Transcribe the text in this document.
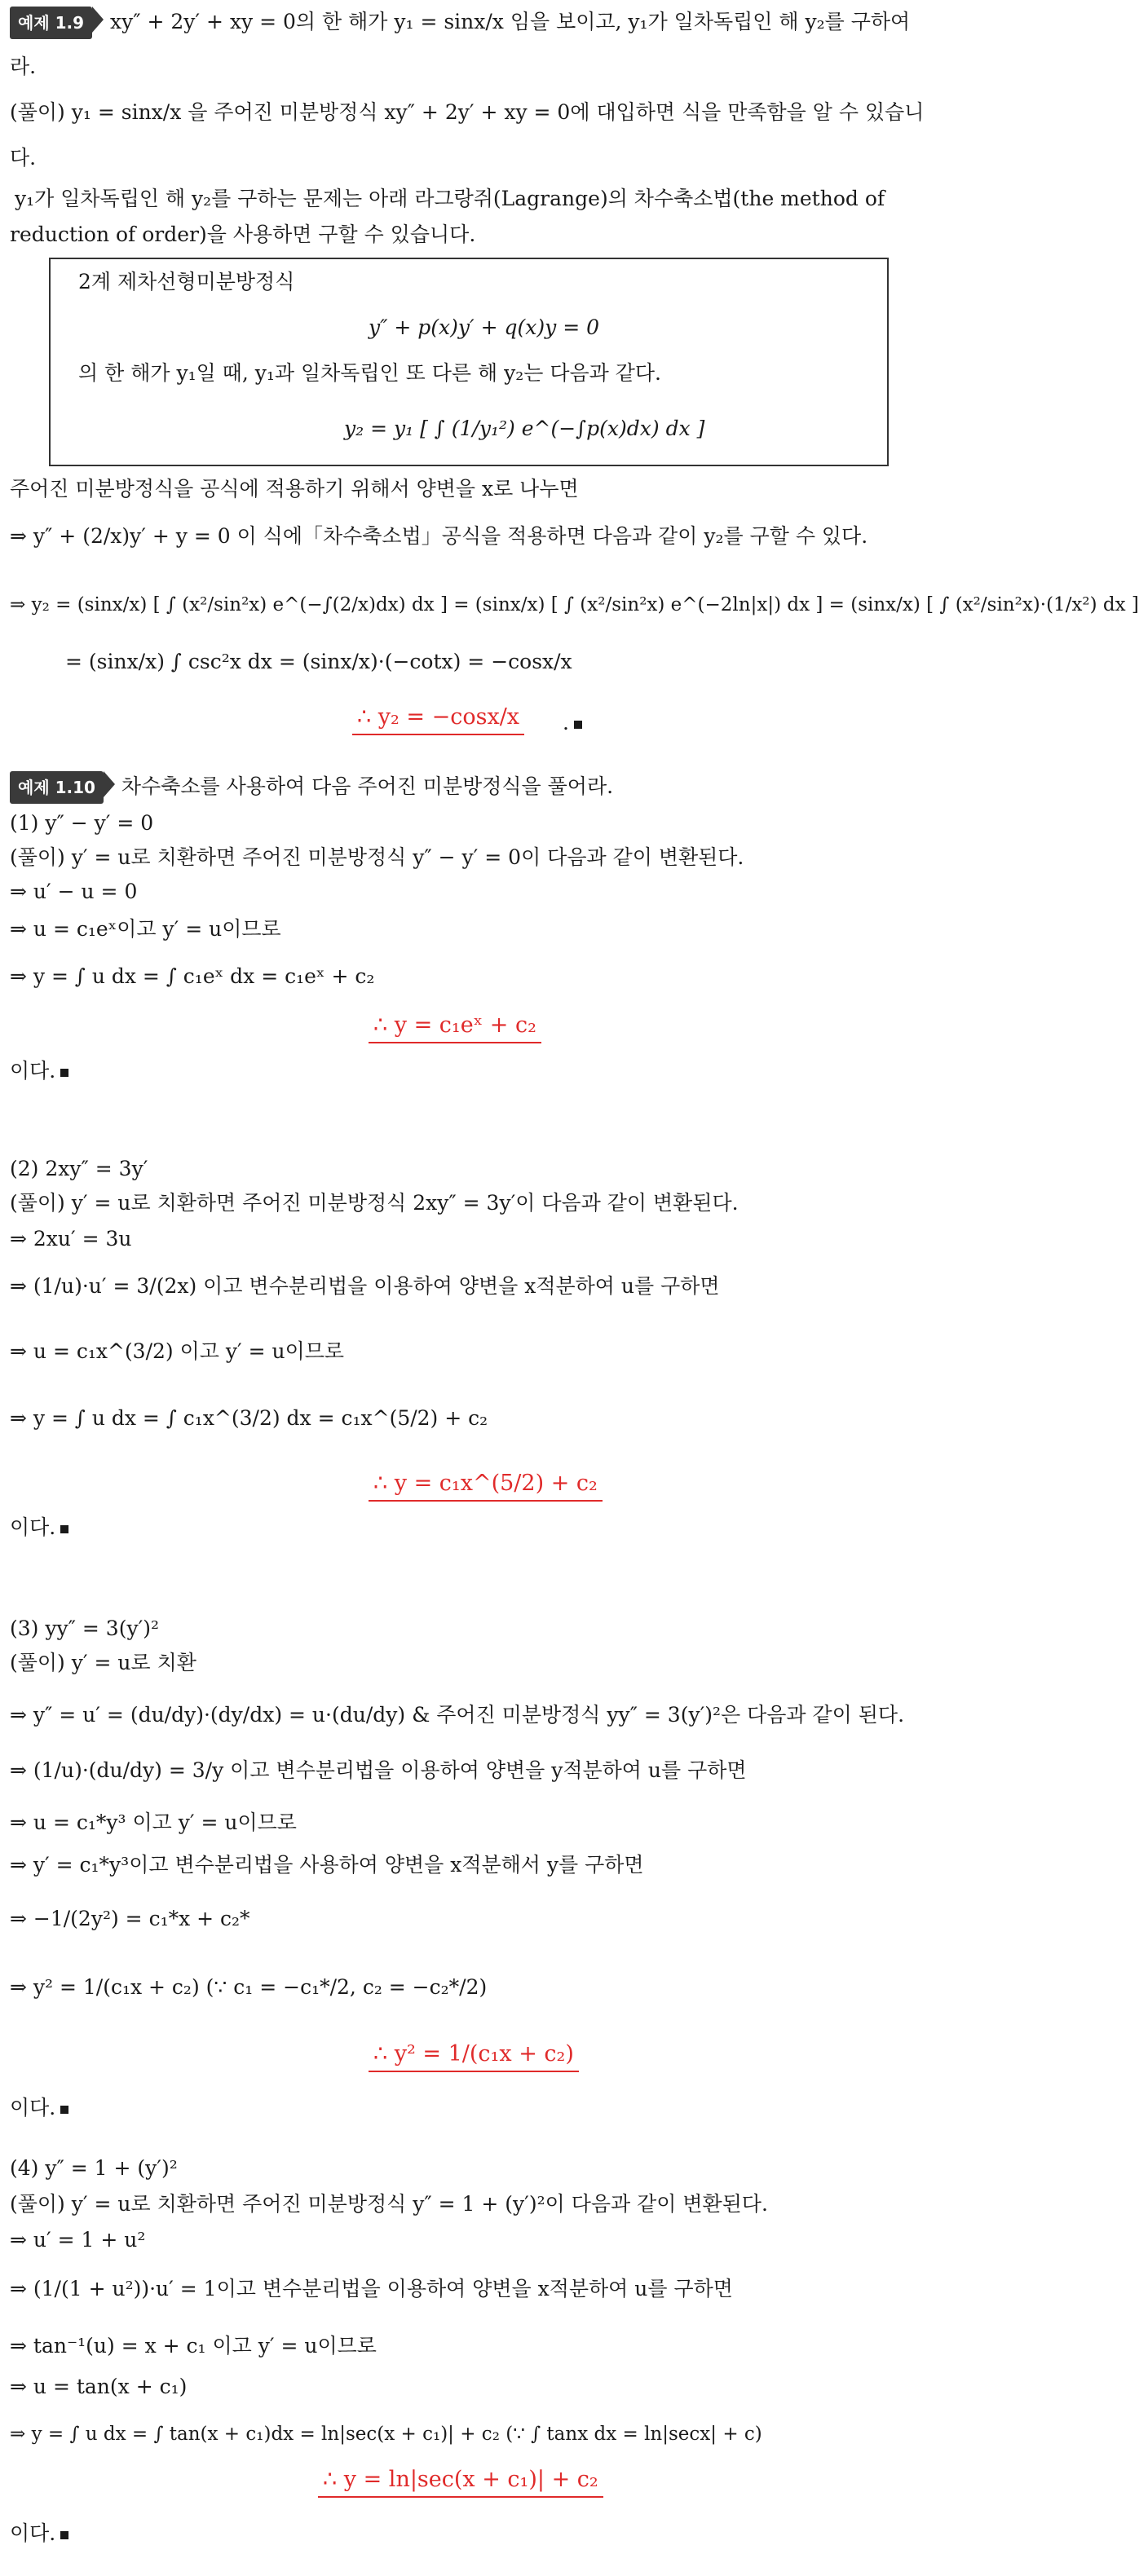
예제 1.9 xy″ + 2y′ + xy = 0의 한 해가 y₁ = sinx/x 임을 보이고, y₁가 일차독립인 해 y₂를 구하여
라.
(풀이) y₁ = sinx/x 을 주어진 미분방정식 xy″ + 2y′ + xy = 0에 대입하면 식을 만족함을 알 수 있습니
다.
y₁가 일차독립인 해 y₂를 구하는 문제는 아래 라그랑쥐(Lagrange)의 차수축소법(the method of
reduction of order)을 사용하면 구할 수 있습니다.
2계 제차선형미분방정식
y″ + p(x)y′ + q(x)y = 0
의 한 해가 y₁일 때, y₁과 일차독립인 또 다른 해 y₂는 다음과 같다.
y₂ = y₁ [ ∫ (1/y₁²) e^(−∫p(x)dx) dx ]
주어진 미분방정식을 공식에 적용하기 위해서 양변을 x로 나누면
⇒ y″ + (2/x)y′ + y = 0 이 식에「차수축소법」공식을 적용하면 다음과 같이 y₂를 구할 수 있다.
⇒ y₂ = (sinx/x) [ ∫ (x²/sin²x) e^(−∫(2/x)dx) dx ] = (sinx/x) [ ∫ (x²/sin²x) e^(−2ln|x|) dx ] = (sinx/x) [ ∫ (x²/sin²x)·(1/x²) dx ]
= (sinx/x) ∫ csc²x dx = (sinx/x)·(−cotx) = −cosx/x
∴ y₂ = −cosx/x .
예제 1.10 차수축소를 사용하여 다음 주어진 미분방정식을 풀어라.
(1) y″ − y′ = 0
(풀이) y′ = u로 치환하면 주어진 미분방정식 y″ − y′ = 0이 다음과 같이 변환된다.
⇒ u′ − u = 0
⇒ u = c₁eˣ이고 y′ = u이므로
⇒ y = ∫ u dx = ∫ c₁eˣ dx = c₁eˣ + c₂
∴ y = c₁eˣ + c₂
이다.
(2) 2xy″ = 3y′
(풀이) y′ = u로 치환하면 주어진 미분방정식 2xy″ = 3y′이 다음과 같이 변환된다.
⇒ 2xu′ = 3u
⇒ (1/u)·u′ = 3/(2x) 이고 변수분리법을 이용하여 양변을 x적분하여 u를 구하면
⇒ u = c₁x^(3/2) 이고 y′ = u이므로
⇒ y = ∫ u dx = ∫ c₁x^(3/2) dx = c₁x^(5/2) + c₂
∴ y = c₁x^(5/2) + c₂
이다.
(3) yy″ = 3(y′)²
(풀이) y′ = u로 치환
⇒ y″ = u′ = (du/dy)·(dy/dx) = u·(du/dy) & 주어진 미분방정식 yy″ = 3(y′)²은 다음과 같이 된다.
⇒ (1/u)·(du/dy) = 3/y 이고 변수분리법을 이용하여 양변을 y적분하여 u를 구하면
⇒ u = c₁*y³ 이고 y′ = u이므로
⇒ y′ = c₁*y³이고 변수분리법을 사용하여 양변을 x적분해서 y를 구하면
⇒ −1/(2y²) = c₁*x + c₂*
⇒ y² = 1/(c₁x + c₂) (∵ c₁ = −c₁*/2, c₂ = −c₂*/2)
∴ y² = 1/(c₁x + c₂)
이다.
(4) y″ = 1 + (y′)²
(풀이) y′ = u로 치환하면 주어진 미분방정식 y″ = 1 + (y′)²이 다음과 같이 변환된다.
⇒ u′ = 1 + u²
⇒ (1/(1 + u²))·u′ = 1이고 변수분리법을 이용하여 양변을 x적분하여 u를 구하면
⇒ tan⁻¹(u) = x + c₁ 이고 y′ = u이므로
⇒ u = tan(x + c₁)
⇒ y = ∫ u dx = ∫ tan(x + c₁)dx = ln|sec(x + c₁)| + c₂ (∵ ∫ tanx dx = ln|secx| + c)
∴ y = ln|sec(x + c₁)| + c₂
이다.
